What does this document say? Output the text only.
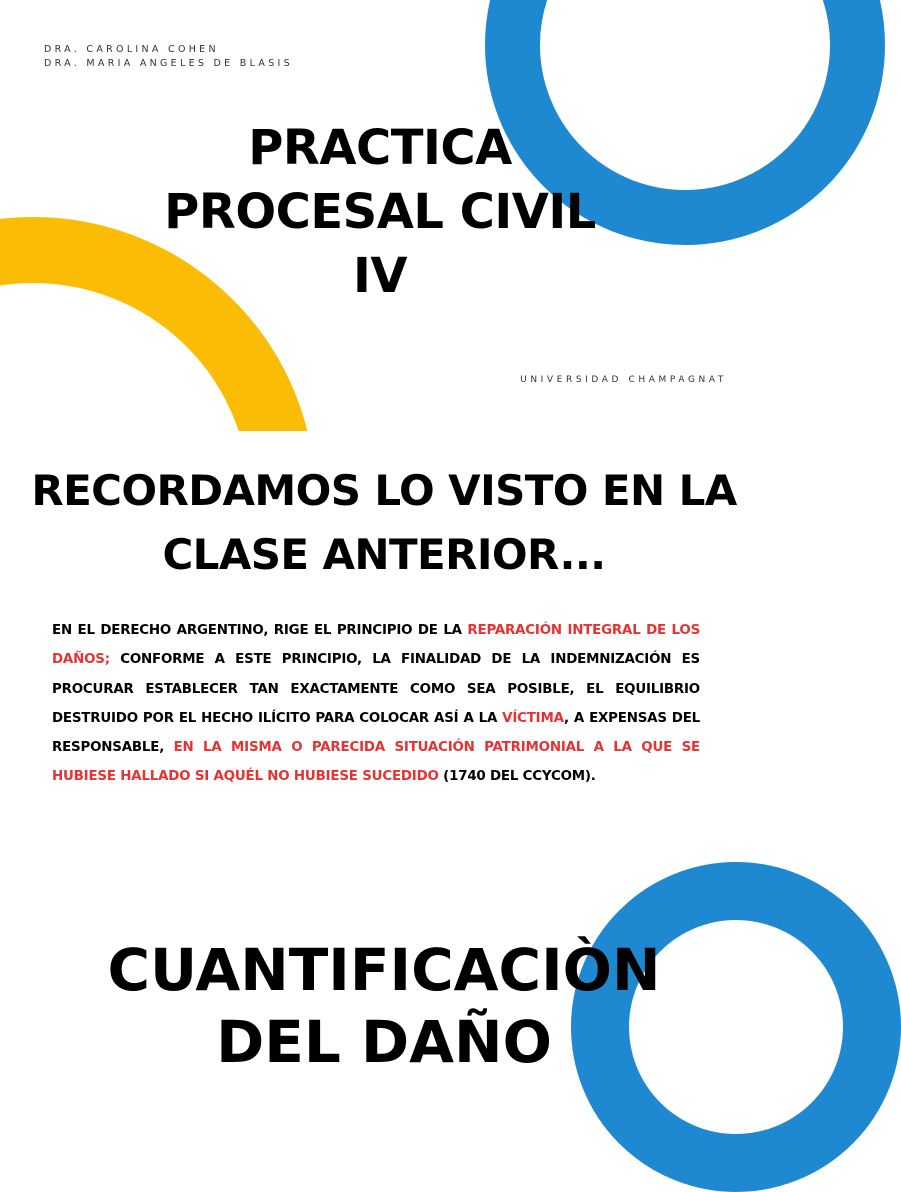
DRA. CAROLINA COHEN
DRA. MARIA ANGELES DE BLASIS
PRACTICA
PROCESAL CIVIL
IV

UNIVERSIDAD CHAMPAGNAT

RECORDAMOS LO VISTO EN LA
CLASE ANTERIOR...

EN EL DERECHO ARGENTINO, RIGE EL PRINCIPIO DE LA REPARACIÓN INTEGRAL DE LOS DAÑOS; CONFORME A ESTE PRINCIPIO, LA FINALIDAD DE LA INDEMNIZACIÓN ES PROCURAR ESTABLECER TAN EXACTAMENTE COMO SEA POSIBLE, EL EQUILIBRIO DESTRUIDO POR EL HECHO ILÍCITO PARA COLOCAR ASÍ A LA VÍCTIMA, A EXPENSAS DEL RESPONSABLE, EN LA MISMA O PARECIDA SITUACIÓN PATRIMONIAL A LA QUE SE HUBIESE HALLADO SI AQUÉL NO HUBIESE SUCEDIDO (1740 DEL CCYCOM).

CUANTIFICACIÒN
DEL DAÑO
